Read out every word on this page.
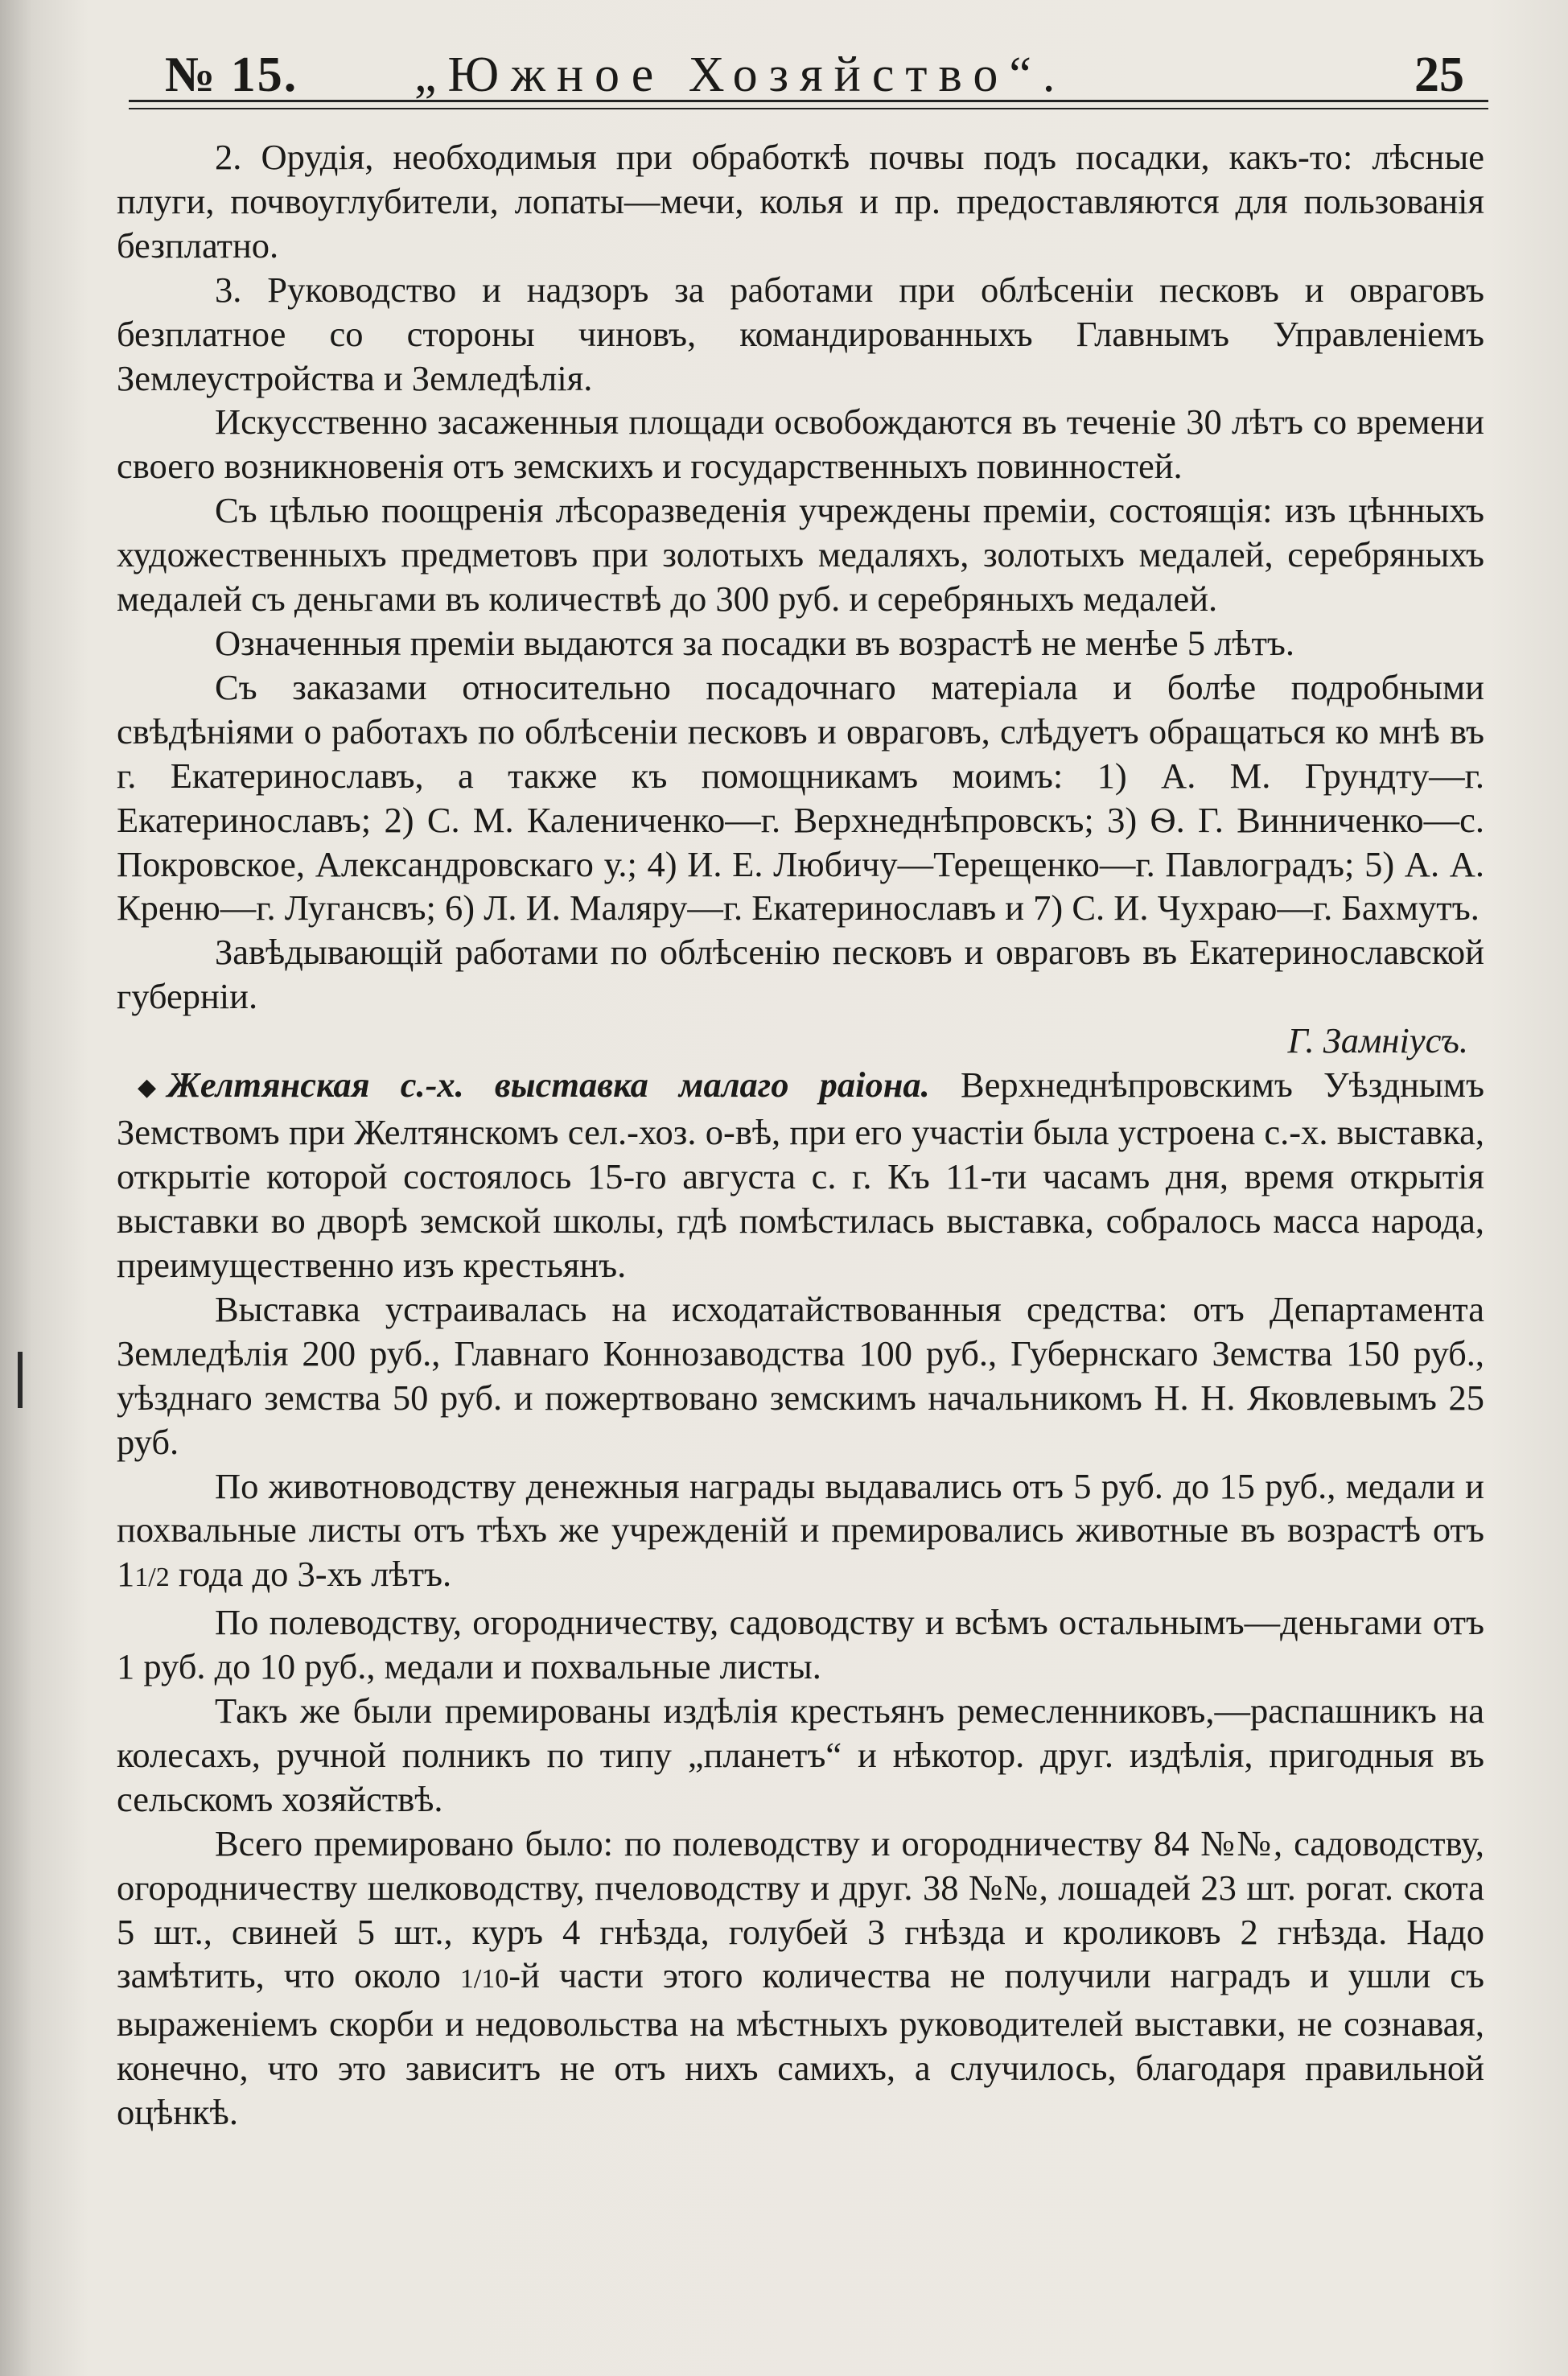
№ 15. „Южное Хозяйство“.	25

2. Орудія, необходимыя при обработкѣ почвы подъ посадки, какъ-то: лѣсные плуги, почвоуглубители, лопаты—мечи, колья и пр. предоставляются для пользованія безплатно.

3. Руководство и надзоръ за работами при облѣсеніи песковъ и овраговъ безплатное со стороны чиновъ, командированныхъ Главнымъ Управленіемъ Землеустройства и Земледѣлія.

Искусственно засаженныя площади освобождаются въ теченіе 30 лѣтъ со времени своего возникновенія отъ земскихъ и государственныхъ повинностей.

Съ цѣлью поощренія лѣсоразведенія учреждены преміи, состоящія: изъ цѣнныхъ художественныхъ предметовъ при золотыхъ медаляхъ, золотыхъ медалей, серебряныхъ медалей съ деньгами въ количествѣ до 300 руб. и серебряныхъ медалей.

Означенныя преміи выдаются за посадки въ возрастѣ не менѣе 5 лѣтъ.

Съ заказами относительно посадочнаго матеріала и болѣе подробными свѣдѣніями о работахъ по облѣсеніи песковъ и овраговъ, слѣдуетъ обращаться ко мнѣ въ г. Екатеринославъ, а также къ помощникамъ моимъ: 1) А. М. Грундту—г. Екатеринославъ; 2) С. М. Калениченко—г. Верхнеднѣпровскъ; 3) Ѳ. Г. Винниченко—с. Покровское, Александровскаго у.; 4) И. Е. Любичу—Терещенко—г. Павлоградъ; 5) А. А. Креню—г. Лугансвъ; 6) Л. И. Маляру—г. Екатеринославъ и 7) С. И. Чухраю—г. Бахмутъ.

Завѣдывающій работами по облѣсенію песковъ и овраговъ въ Екатеринославской губерніи.

Г. Замніусъ.

◆ Желтянская с.-х. выставка малаго раіона. Верхнеднѣпровскимъ Уѣзднымъ Земствомъ при Желтянскомъ сел.-хоз. о-вѣ, при его участіи была устроена с.-х. выставка, открытіе которой состоялось 15-го августа с. г. Къ 11-ти часамъ дня, время открытія выставки во дворѣ земской школы, гдѣ помѣстилась выставка, собралось масса народа, преимущественно изъ крестьянъ.

Выставка устраивалась на исходатайствованныя средства: отъ Департамента Земледѣлія 200 руб., Главнаго Коннозаводства 100 руб., Губернскаго Земства 150 руб., уѣзднаго земства 50 руб. и пожертвовано земскимъ начальникомъ Н. Н. Яковлевымъ 25 руб.

По животноводству денежныя награды выдавались отъ 5 руб. до 15 руб., медали и похвальные листы отъ тѣхъ же учрежденій и премировались животные въ возрастѣ отъ 11/2 года до 3-хъ лѣтъ.

По полеводству, огородничеству, садоводству и всѣмъ остальнымъ—деньгами отъ 1 руб. до 10 руб., медали и похвальные листы.

Такъ же были премированы издѣлія крестьянъ ремесленниковъ,—распашникъ на колесахъ, ручной полникъ по типу „планетъ“ и нѣкотор. друг. издѣлія, пригодныя въ сельскомъ хозяйствѣ.

Всего премировано было: по полеводству и огородничеству 84 №№, садоводству, огородничеству шелководству, пчеловодству и друг. 38 №№, лошадей 23 шт. рогат. скота 5 шт., свиней 5 шт., куръ 4 гнѣзда, голубей 3 гнѣзда и кроликовъ 2 гнѣзда. Надо замѣтить, что около 1/10-й части этого количества не получили наградъ и ушли съ выраженіемъ скорби и недовольства на мѣстныхъ руководителей выставки, не сознавая, конечно, что это зависитъ не отъ нихъ самихъ, а случилось, благодаря правильной оцѣнкѣ.
